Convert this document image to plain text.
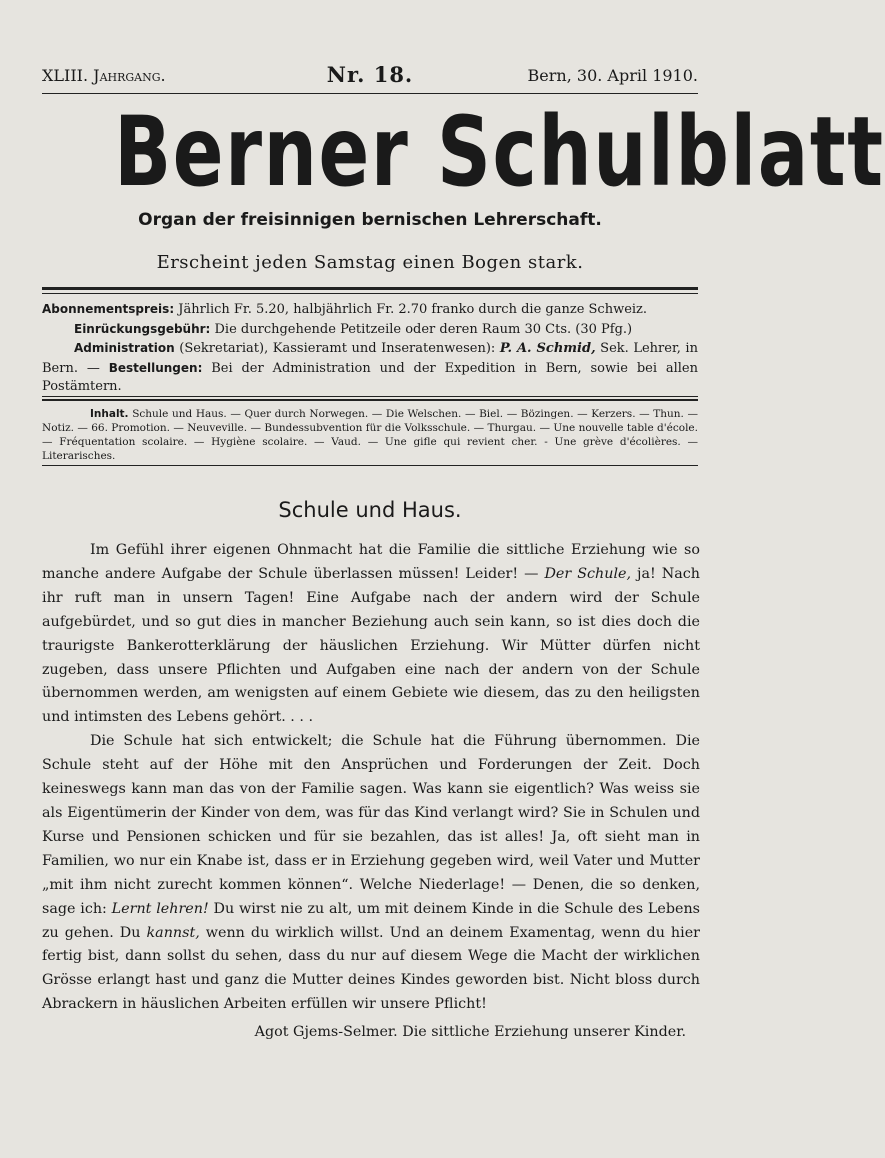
XLIII. Jahrgang.	Nr. 18.	Bern, 30. April 1910.
Berner Schulblatt
Organ der freisinnigen bernischen Lehrerschaft.
Erscheint jeden Samstag einen Bogen stark.

Abonnementspreis: Jährlich Fr. 5.20, halbjährlich Fr. 2.70 franko durch die ganze Schweiz.
Einrückungsgebühr: Die durchgehende Petitzeile oder deren Raum 30 Cts. (30 Pfg.)
Administration (Sekretariat), Kassieramt und Inseratenwesen): P. A. Schmid, Sek. Lehrer, in Bern. — Bestellungen: Bei der Administration und der Expedition in Bern, sowie bei allen Postämtern.

Inhalt. Schule und Haus. — Quer durch Norwegen. — Die Welschen. — Biel. — Bözingen. — Kerzers. — Thun. — Notiz. — 66. Promotion. — Neuveville. — Bundessubvention für die Volksschule. — Thurgau. — Une nouvelle table d'école. — Fréquentation scolaire. — Hygiène scolaire. — Vaud. — Une gifle qui revient cher. - Une grève d'écolières. — Literarisches.
Schule und Haus.

Im Gefühl ihrer eigenen Ohnmacht hat die Familie die sittliche Erziehung wie so manche andere Aufgabe der Schule überlassen müssen! Leider! — Der Schule, ja! Nach ihr ruft man in unsern Tagen! Eine Aufgabe nach der andern wird der Schule aufgebürdet, und so gut dies in mancher Beziehung auch sein kann, so ist dies doch die traurigste Bankerotterklärung der häuslichen Erziehung. Wir Mütter dürfen nicht zugeben, dass unsere Pflichten und Aufgaben eine nach der andern von der Schule übernommen werden, am wenigsten auf einem Gebiete wie diesem, das zu den heiligsten und intimsten des Lebens gehört. . . .

Die Schule hat sich entwickelt; die Schule hat die Führung übernommen. Die Schule steht auf der Höhe mit den Ansprüchen und Forderungen der Zeit. Doch keineswegs kann man das von der Familie sagen. Was kann sie eigentlich? Was weiss sie als Eigentümerin der Kinder von dem, was für das Kind verlangt wird? Sie in Schulen und Kurse und Pensionen schicken und für sie bezahlen, das ist alles! Ja, oft sieht man in Familien, wo nur ein Knabe ist, dass er in Erziehung gegeben wird, weil Vater und Mutter „mit ihm nicht zurecht kommen können“. Welche Niederlage! — Denen, die so denken, sage ich: Lernt lehren! Du wirst nie zu alt, um mit deinem Kinde in die Schule des Lebens zu gehen. Du kannst, wenn du wirklich willst. Und an deinem Examentag, wenn du hier fertig bist, dann sollst du sehen, dass du nur auf diesem Wege die Macht der wirklichen Grösse erlangt hast und ganz die Mutter deines Kindes geworden bist. Nicht bloss durch Abrackern in häuslichen Arbeiten erfüllen wir unsere Pflicht!

Agot Gjems-Selmer. Die sittliche Erziehung unserer Kinder.
